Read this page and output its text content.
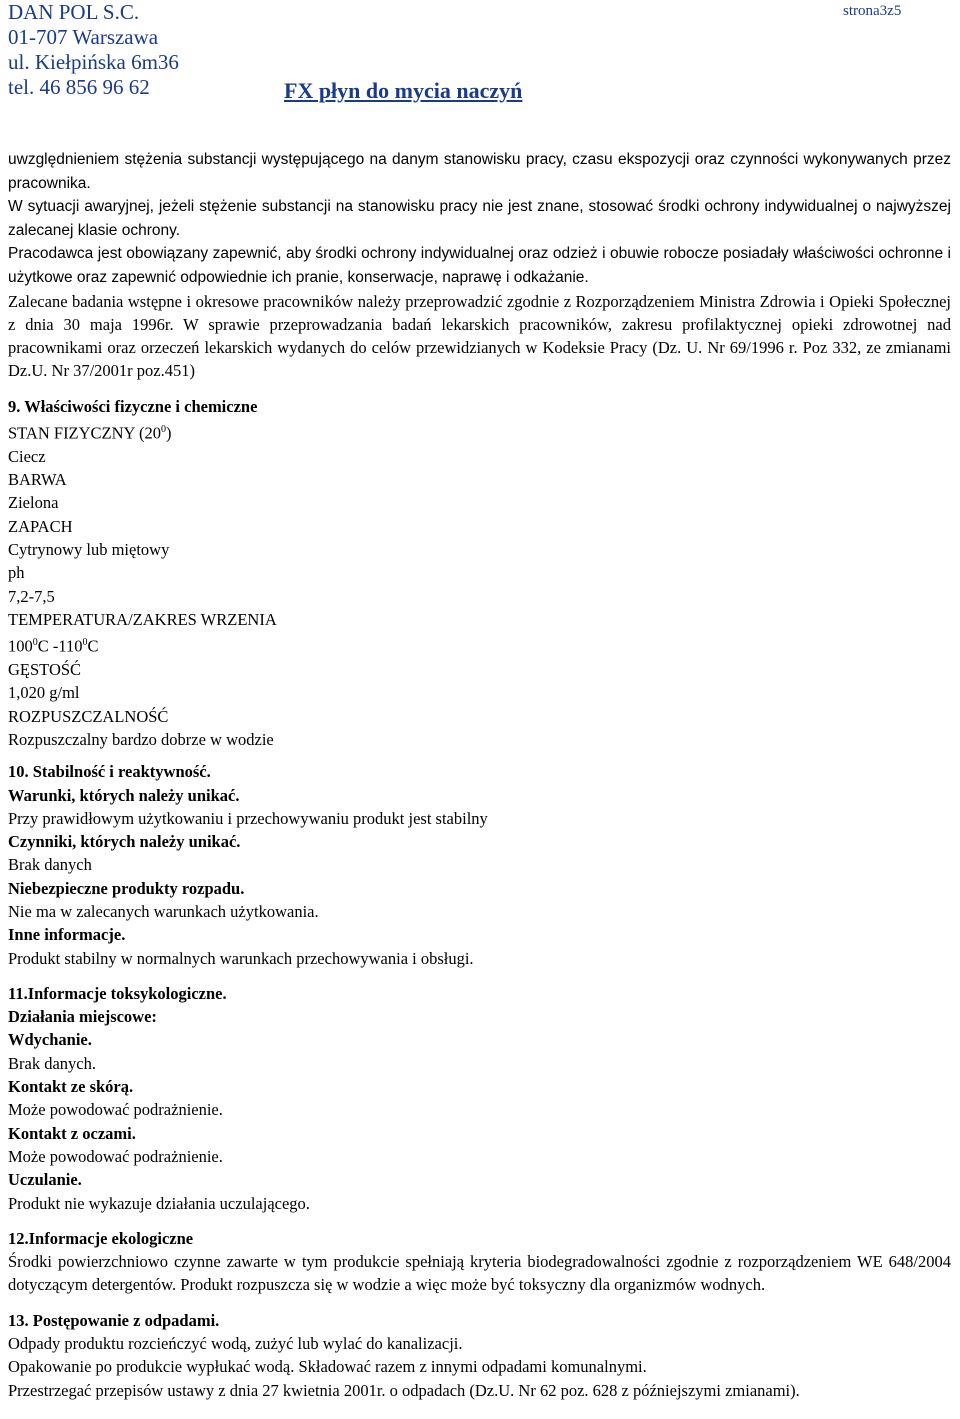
DAN POL S.C.
01-707 Warszawa
ul. Kiełpińska 6m36
tel. 46 856 96 62
strona3z5
FX płyn do mycia naczyń

uwzględnieniem stężenia substancji występującego na danym stanowisku pracy, czasu ekspozycji oraz czynności wykonywanych przez pracownika.

W sytuacji awaryjnej, jeżeli stężenie substancji na stanowisku pracy nie jest znane, stosować środki ochrony indywidualnej o najwyższej zalecanej klasie ochrony.

Pracodawca jest obowiązany zapewnić, aby środki ochrony indywidualnej oraz odzież i obuwie robocze posiadały właściwości ochronne i użytkowe oraz zapewnić odpowiednie ich pranie, konserwacje, naprawę i odkażanie.

Zalecane badania wstępne i okresowe pracowników należy przeprowadzić zgodnie z Rozporządzeniem Ministra Zdrowia i Opieki Społecznej z dnia 30 maja 1996r. W sprawie przeprowadzania badań lekarskich pracowników, zakresu profilaktycznej opieki zdrowotnej nad pracownikami oraz orzeczeń lekarskich wydanych do celów przewidzianych w Kodeksie Pracy (Dz. U. Nr 69/1996 r. Poz 332, ze zmianami Dz.U. Nr 37/2001r poz.451)

9. Właściwości fizyczne i chemiczne
STAN FIZYCZNY $(20^0)$
Ciecz
BARWA
Zielona
ZAPACH
Cytrynowy lub miętowy
ph
7,2-7,5
TEMPERATURA/ZAKRES WRZENIA
$100^0C$ $-110^0C$
GĘSTOŚĆ
1,020 g/ml
ROZPUSZCZALNOŚĆ
Rozpuszczalny bardzo dobrze w wodzie
10. Stabilność i reaktywność.
Warunki, których należy unikać.
Przy prawidłowym użytkowaniu i przechowywaniu produkt jest stabilny
Czynniki, których należy unikać.
Brak danych
Niebezpieczne produkty rozpadu.
Nie ma w zalecanych warunkach użytkowania.
Inne informacje.
Produkt stabilny w normalnych warunkach przechowywania i obsługi.
11.Informacje toksykologiczne.
Działania miejscowe:
Wdychanie.
Brak danych.
Kontakt ze skórą.
Może powodować podrażnienie.
Kontakt z oczami.
Może powodować podrażnienie.
Uczulanie.
Produkt nie wykazuje działania uczulającego.
12.Informacje ekologiczne

Środki powierzchniowo czynne zawarte w tym produkcie spełniają kryteria biodegradowalności zgodnie z rozporządzeniem WE 648/2004 dotyczącym detergentów. Produkt rozpuszcza się w wodzie a więc może być toksyczny dla organizmów wodnych.

13. Postępowanie z odpadami.

Odpady produktu rozcieńczyć wodą, zużyć lub wylać do kanalizacji.

Opakowanie po produkcie wypłukać wodą. Składować razem z innymi odpadami komunalnymi.

Przestrzegać przepisów ustawy z dnia 27 kwietnia 2001r. o odpadach (Dz.U. Nr 62 poz. 628 z późniejszymi zmianami).
